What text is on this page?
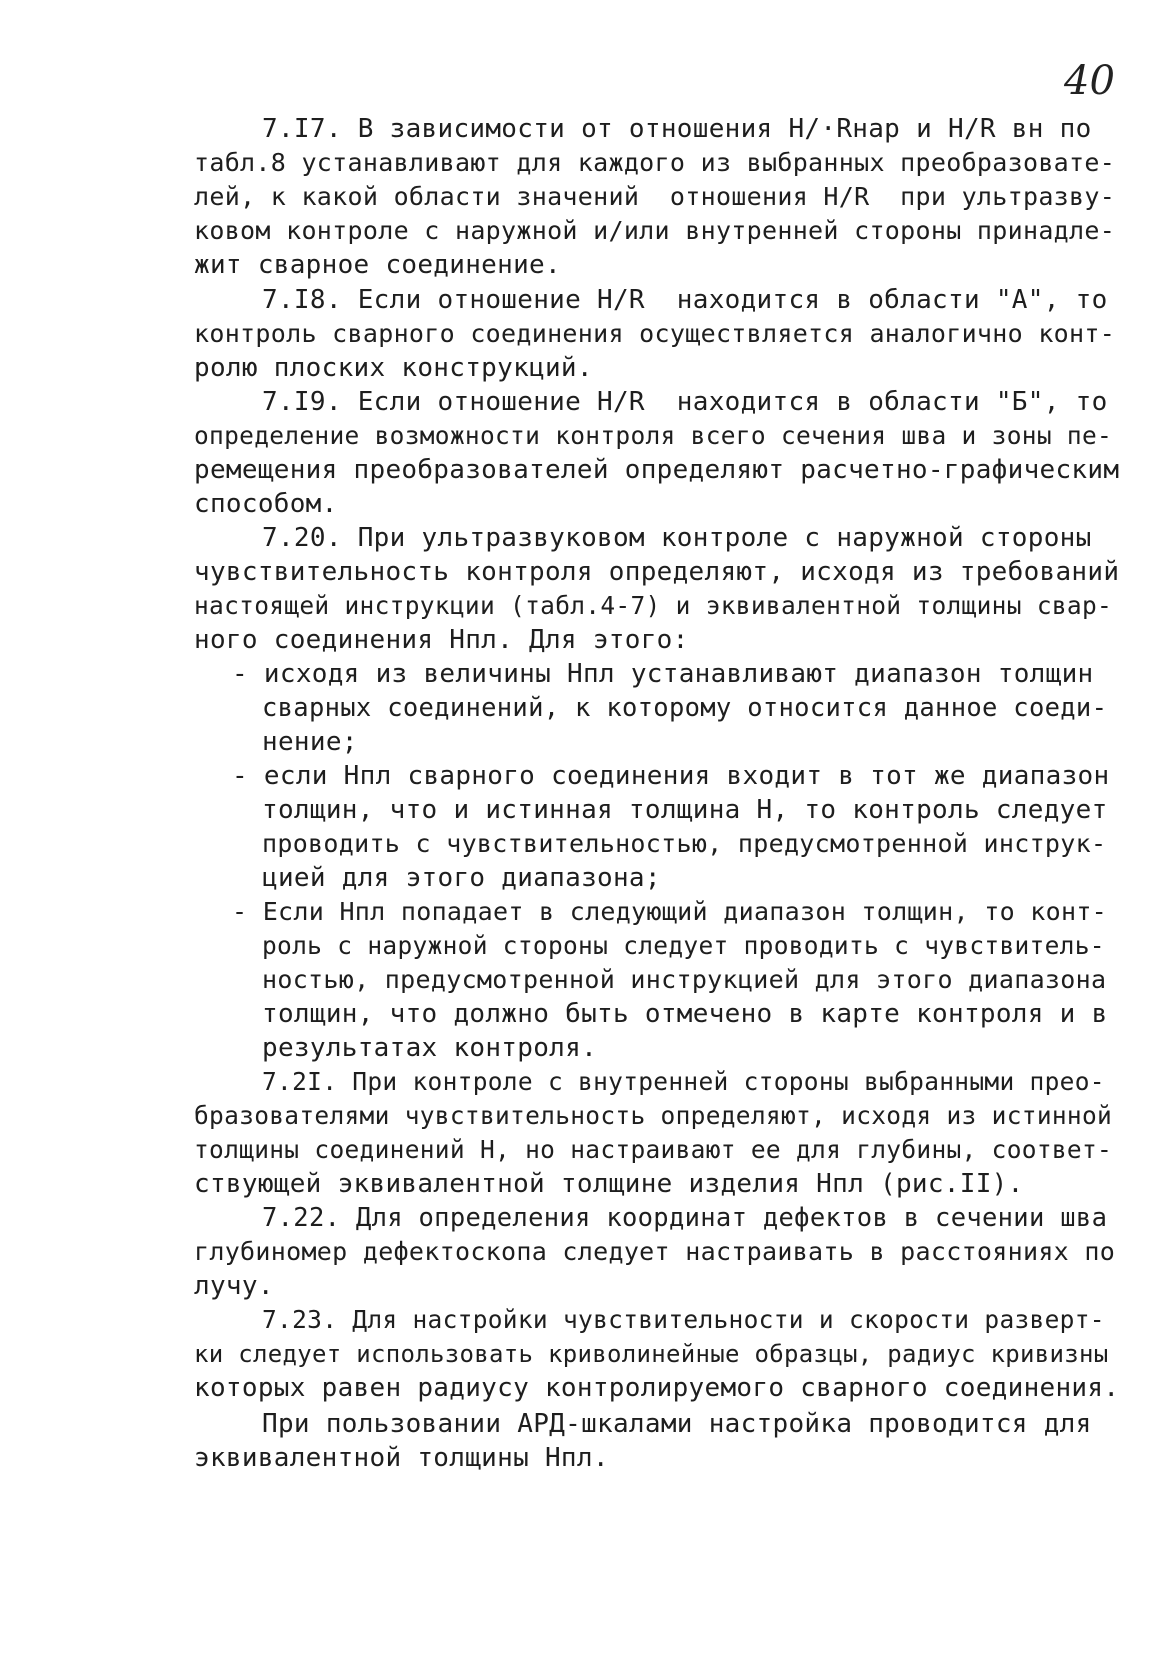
40
7.I7. В зависимости от отношения Н/·Rнар и Н/R вн по
табл.8 устанавливают для каждого из выбранных преобразовате-
лей, к какой области значений  отношения Н/R  при ультразву-
ковом контроле с наружной и/или внутренней стороны принадле-
жит сварное соединение.
7.I8. Если отношение Н/R  находится в области "А", то
контроль сварного соединения осуществляется аналогично конт-
ролю плоских конструкций.
7.I9. Если отношение Н/R  находится в области "Б", то
определение возможности контроля всего сечения шва и зоны пе-
ремещения преобразователей определяют расчетно-графическим
способом.
7.20. При ультразвуковом контроле с наружной стороны
чувствительность контроля определяют, исходя из требований
настоящей инструкции (табл.4-7) и эквивалентной толщины свар-
ного соединения Нпл. Для этого:
- исходя из величины Нпл устанавливают диапазон толщин
сварных соединений, к которому относится данное соеди-
нение;
- если Нпл сварного соединения входит в тот же диапазон
толщин, что и истинная толщина Н, то контроль следует
проводить с чувствительностью, предусмотренной инструк-
цией для этого диапазона;
- Если Нпл попадает в следующий диапазон толщин, то конт-
роль с наружной стороны следует проводить с чувствитель-
ностью, предусмотренной инструкцией для этого диапазона
толщин, что должно быть отмечено в карте контроля и в
результатах контроля.
7.2I. При контроле с внутренней стороны выбранными прео-
бразователями чувствительность определяют, исходя из истинной
толщины соединений Н, но настраивают ее для глубины, соответ-
ствующей эквивалентной толщине изделия Нпл (рис.II).
7.22. Для определения координат дефектов в сечении шва
глубиномер дефектоскопа следует настраивать в расстояниях по
лучу.
7.23. Для настройки чувствительности и скорости разверт-
ки следует использовать криволинейные образцы, радиус кривизны
которых равен радиусу контролируемого сварного соединения.
При пользовании АРД-шкалами настройка проводится для
эквивалентной толщины Нпл.
